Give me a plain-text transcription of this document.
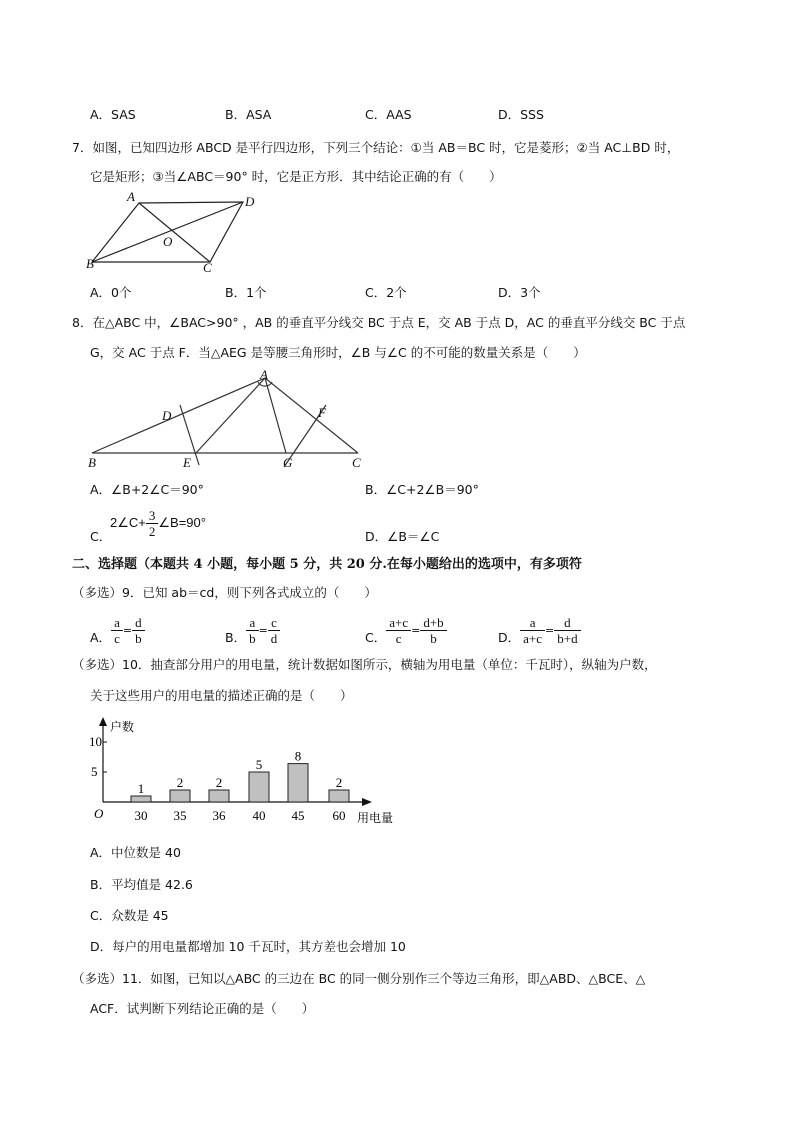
A．SAS	B．ASA	C．AAS	D．SSS
7．如图，已知四边形 ABCD 是平行四边形，下列三个结论：①当 AB＝BC 时，它是菱形；②当 AC⊥BD 时，
它是矩形；③当∠ABC＝90° 时，它是正方形．其中结论正确的有（　　）
A	D
B	C
O
A
D	F
B	E	G	C
10
5
O
户数
用电量
1
30
2
35
2
36
5
40
8
45
2
60
A．0个	B．1个	C．2个	D．3个
8．在△ABC 中，∠BAC>90° ，AB 的垂直平分线交 BC 于点 E，交 AB 于点 D，AC 的垂直平分线交 BC 于点
G，交 AC 于点 F．当△AEG 是等腰三角形时，∠B 与∠C 的不可能的数量关系是（　　）
A．∠B+2∠C＝90°	B．∠C+2∠B＝90°
C．
2∠C+ $\frac{3}{2}$ ∠B=90°
D．∠B＝∠C
二、选择题（本题共 4 小题，每小题 5 分，共 20 分.在每小题给出的选项中，有多项符
（多选）9．已知 ab＝cd，则下列各式成立的（　　）
A． $\frac{a}{c} = \frac{d}{b}$	B． $\frac{a}{b} = \frac{c}{d}$	C． $\frac{a+c}{c} = \frac{d+b}{b}$	D． $\frac{a}{a+c} = \frac{d}{b+d}$
（多选）10．抽查部分用户的用电量，统计数据如图所示，横轴为用电量（单位：千瓦时），纵轴为户数，
关于这些用户的用电量的描述正确的是（　　）
A．中位数是 40
B．平均值是 42.6
C．众数是 45
D．每户的用电量都增加 10 千瓦时，其方差也会增加 10
（多选）11．如图，已知以△ABC 的三边在 BC 的同一侧分别作三个等边三角形，即△ABD、△BCE、△
ACF．试判断下列结论正确的是（　　）
